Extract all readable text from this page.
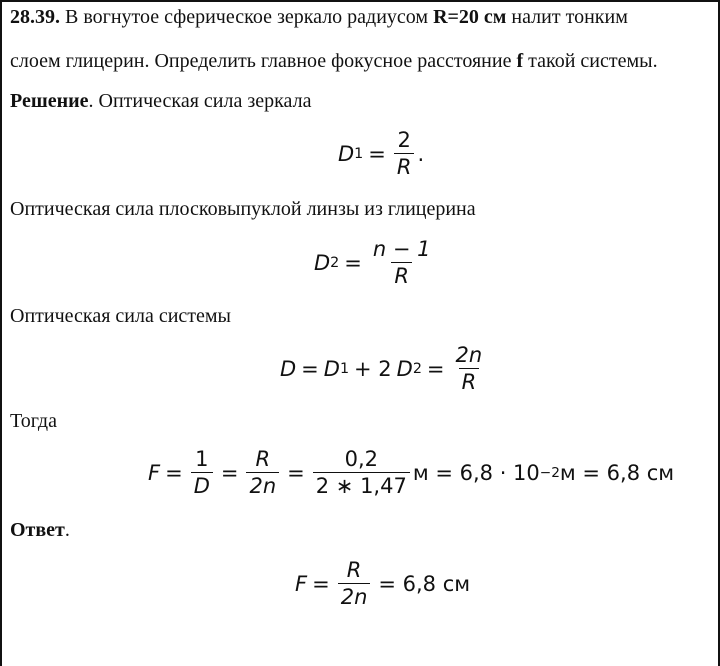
28.39. В вогнутое сферическое зеркало радиусом R=20 см налит тонким
слоем глицерин. Определить главное фокусное расстояние f такой системы.
Решение. Оптическая сила зеркала
D $1 = \frac{2}{R}$ .
Оптическая сила плосковыпуклой линзы из глицерина
D $2 = \frac{n - 1}{R}$
Оптическая сила системы
D = D 1 + 2 D $2 = \frac{2n}{R}$
Тогда
$F = \frac{1}{D} = \frac{R}{2n} = \frac{0,2}{2 ∗ 1,47}$ м = 6,8 · 10 −2 м = 6,8 см
Ответ.
$F = \frac{R}{2n} = 6,8$ см
